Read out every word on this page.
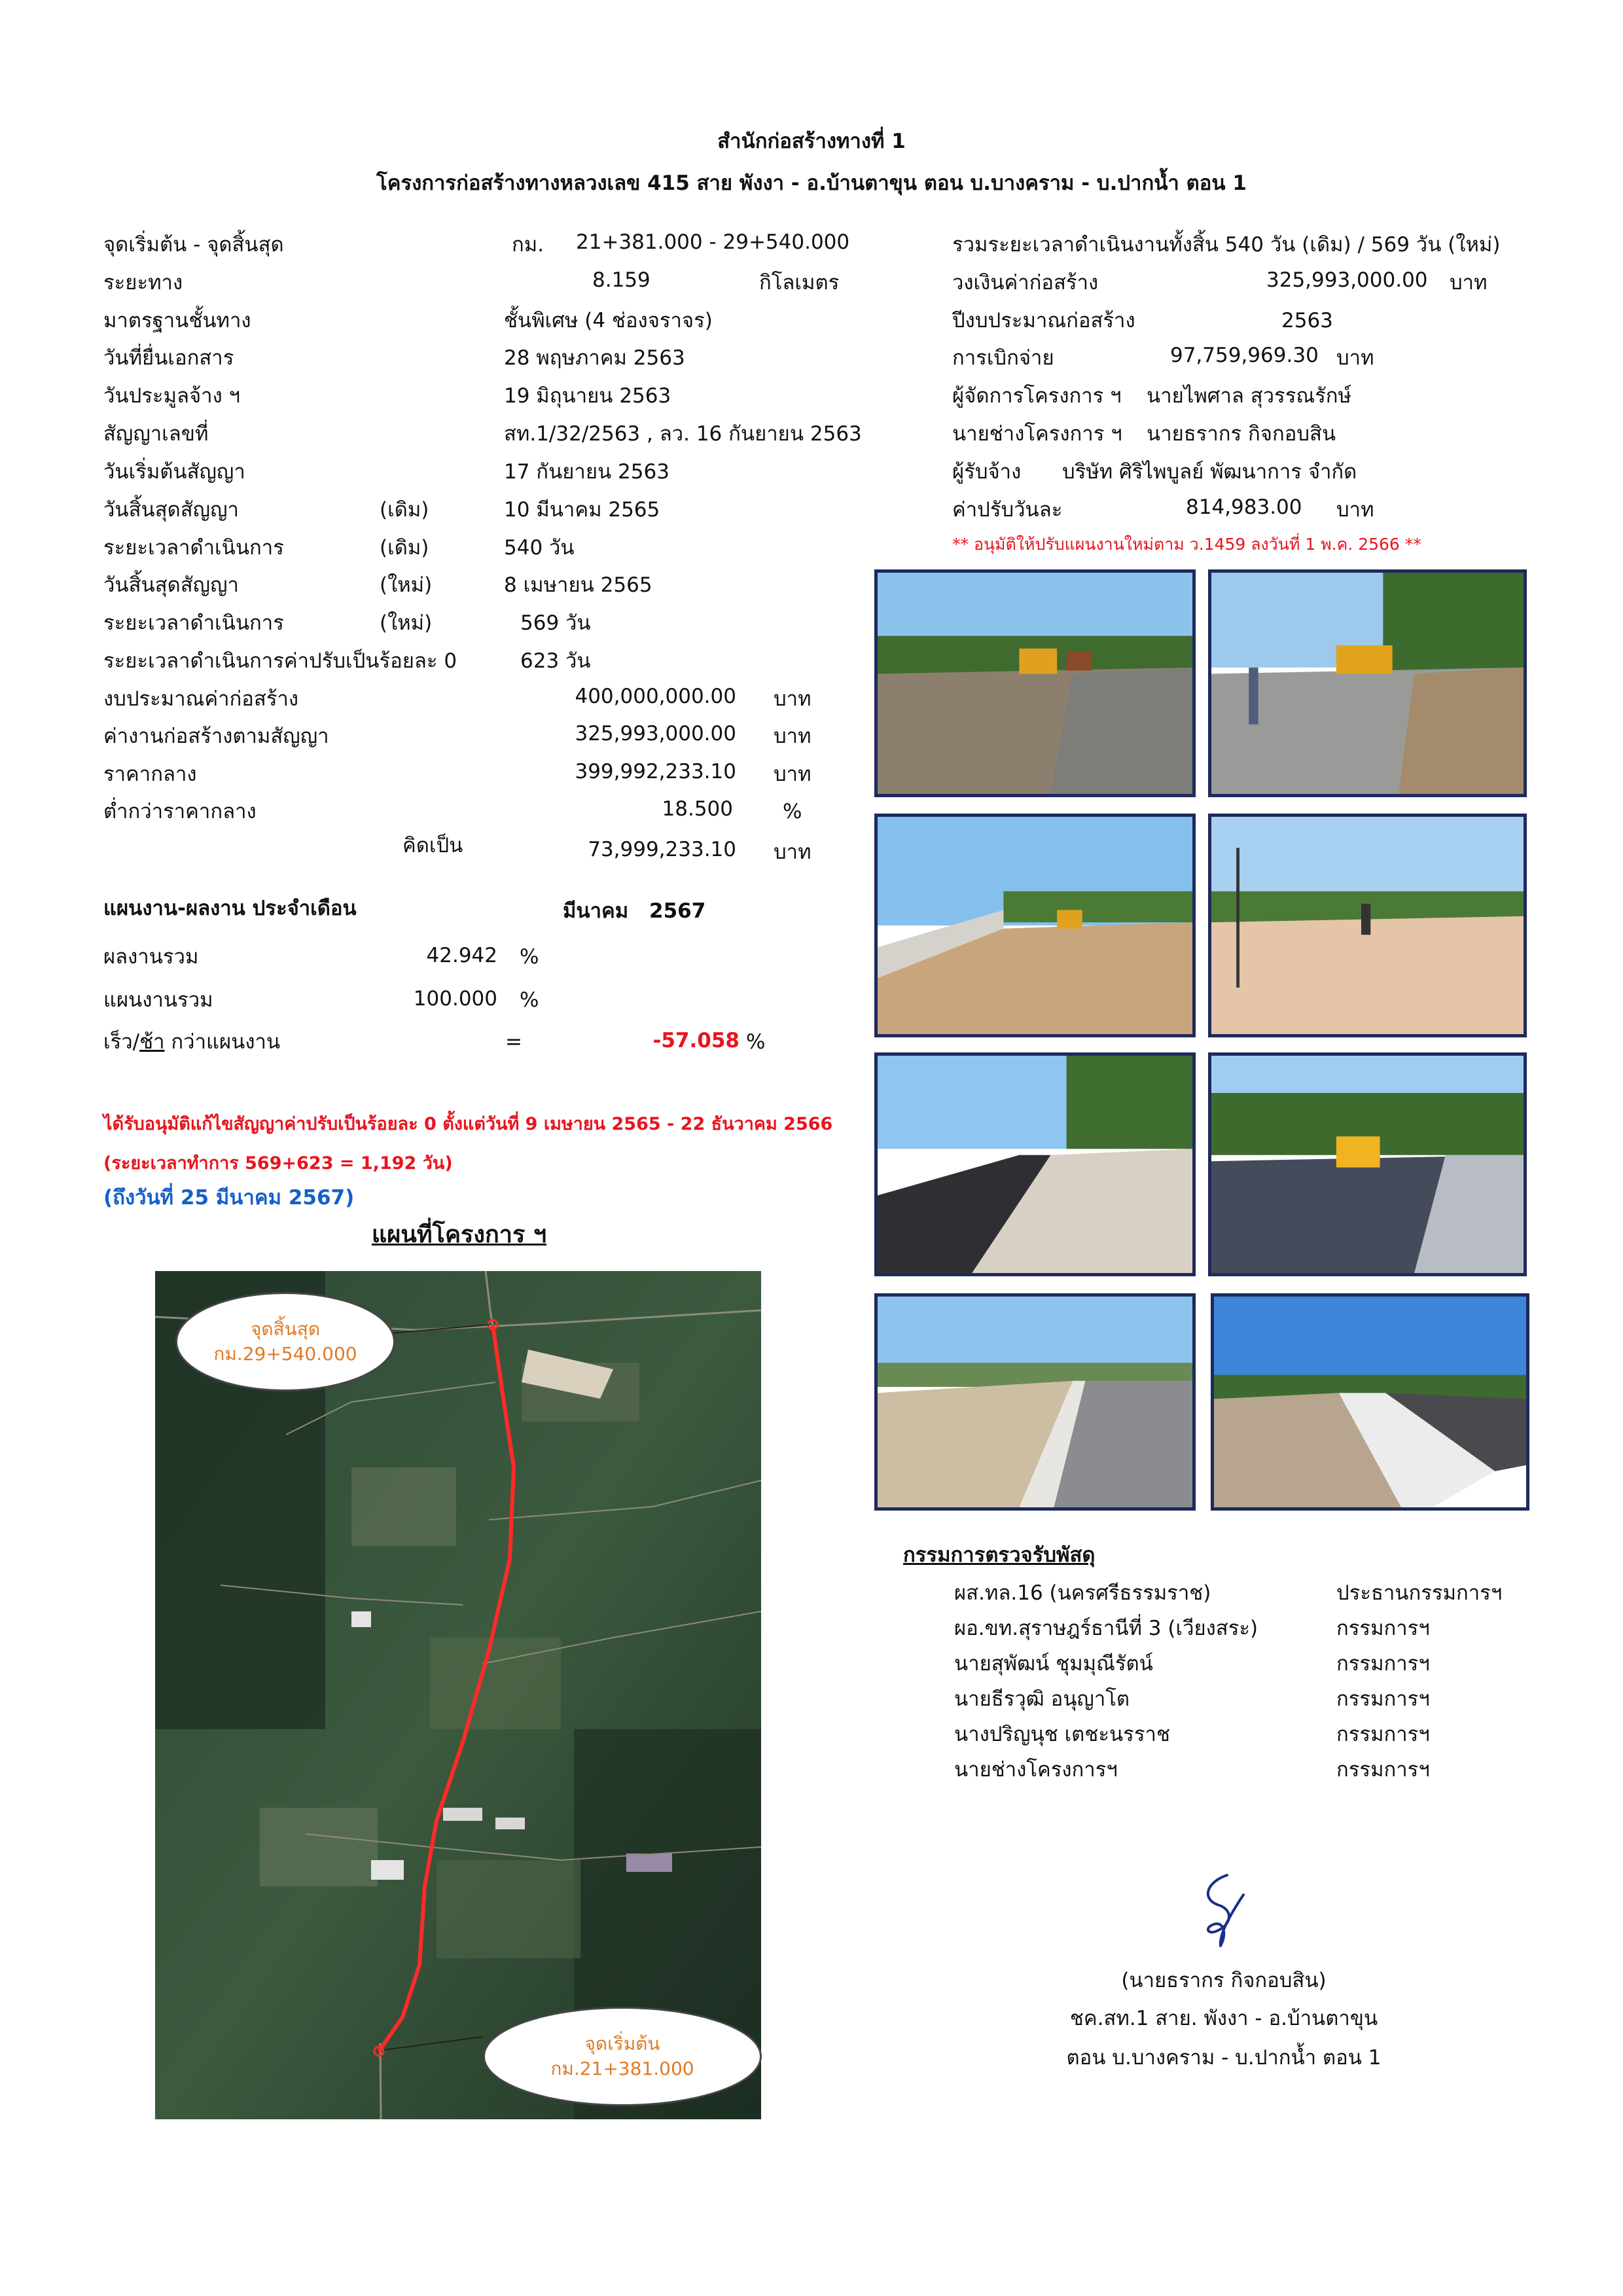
สำนักก่อสร้างทางที่ 1
โครงการก่อสร้างทางหลวงเลข 415 สาย พังงา - อ.บ้านตาขุน ตอน บ.บางคราม - บ.ปากน้ำ ตอน 1
จุดเริ่มต้น - จุดสิ้นสุด	กม. 21+381.000 - 29+540.000
ระยะทาง	8.159	กิโลเมตร
มาตรฐานชั้นทาง	ชั้นพิเศษ (4 ช่องจราจร)
วันที่ยื่นเอกสาร	28 พฤษภาคม 2563
วันประมูลจ้าง ฯ	19 มิถุนายน 2563
สัญญาเลขที่	สท.1/32/2563 , ลว. 16 กันยายน 2563
วันเริ่มต้นสัญญา	17 กันยายน 2563
วันสิ้นสุดสัญญา	(เดิม)	10 มีนาคม 2565
ระยะเวลาดำเนินการ	(เดิม)	540 วัน
วันสิ้นสุดสัญญา	(ใหม่)	8 เมษายน 2565
ระยะเวลาดำเนินการ	(ใหม่)	569 วัน
ระยะเวลาดำเนินการค่าปรับเป็นร้อยละ 0	623 วัน
งบประมาณค่าก่อสร้าง	400,000,000.00 บาท
ค่างานก่อสร้างตามสัญญา	325,993,000.00 บาท
ราคากลาง	399,992,233.10 บาท
ต่ำกว่าราคากลาง	18.500 %
คิดเป็น	73,999,233.10 บาท
แผนงาน-ผลงาน ประจำเดือน	มีนาคม 2567
ผลงานรวม	42.942 %
แผนงานรวม	100.000 %
เร็ว/ช้า กว่าแผนงาน	=	-57.058 %
ได้รับอนุมัติแก้ไขสัญญาค่าปรับเป็นร้อยละ 0 ตั้งแต่วันที่ 9 เมษายน 2565 - 22 ธันวาคม 2566
(ระยะเวลาทำการ 569+623 = 1,192 วัน)
(ถึงวันที่ 25 มีนาคม 2567)
แผนที่โครงการ ฯ
จุดสิ้นสุด
กม.29+540.000
จุดเริ่มต้น
กม.21+381.000
รวมระยะเวลาดำเนินงานทั้งสิ้น 540 วัน (เดิม) / 569 วัน (ใหม่)
วงเงินค่าก่อสร้าง	325,993,000.00 บาท
ปีงบประมาณก่อสร้าง	2563
การเบิกจ่าย	97,759,969.30 บาท
ผู้จัดการโครงการ ฯ นายไพศาล สุวรรณรักษ์
นายช่างโครงการ ฯ นายธรากร กิจกอบสิน
ผู้รับจ้าง บริษัท ศิริไพบูลย์ พัฒนาการ จำกัด
ค่าปรับวันละ	814,983.00 บาท
** อนุมัติให้ปรับแผนงานใหม่ตาม ว.1459 ลงวันที่ 1 พ.ค. 2566 **
กรรมการตรวจรับพัสดุ
ผส.ทล.16 (นครศรีธรรมราช)	ประธานกรรมการฯ
ผอ.ขท.สุราษฎร์ธานีที่ 3 (เวียงสระ)	กรรมการฯ
นายสุพัฒน์ ชุมมุณีรัตน์	กรรมการฯ
นายธีรวุฒิ อนุญาโต	กรรมการฯ
นางปริญนุช เตชะนรราช	กรรมการฯ
นายช่างโครงการฯ	กรรมการฯ
(นายธรากร กิจกอบสิน)
ชค.สท.1 สาย. พังงา - อ.บ้านตาขุน
ตอน บ.บางคราม - บ.ปากน้ำ ตอน 1
